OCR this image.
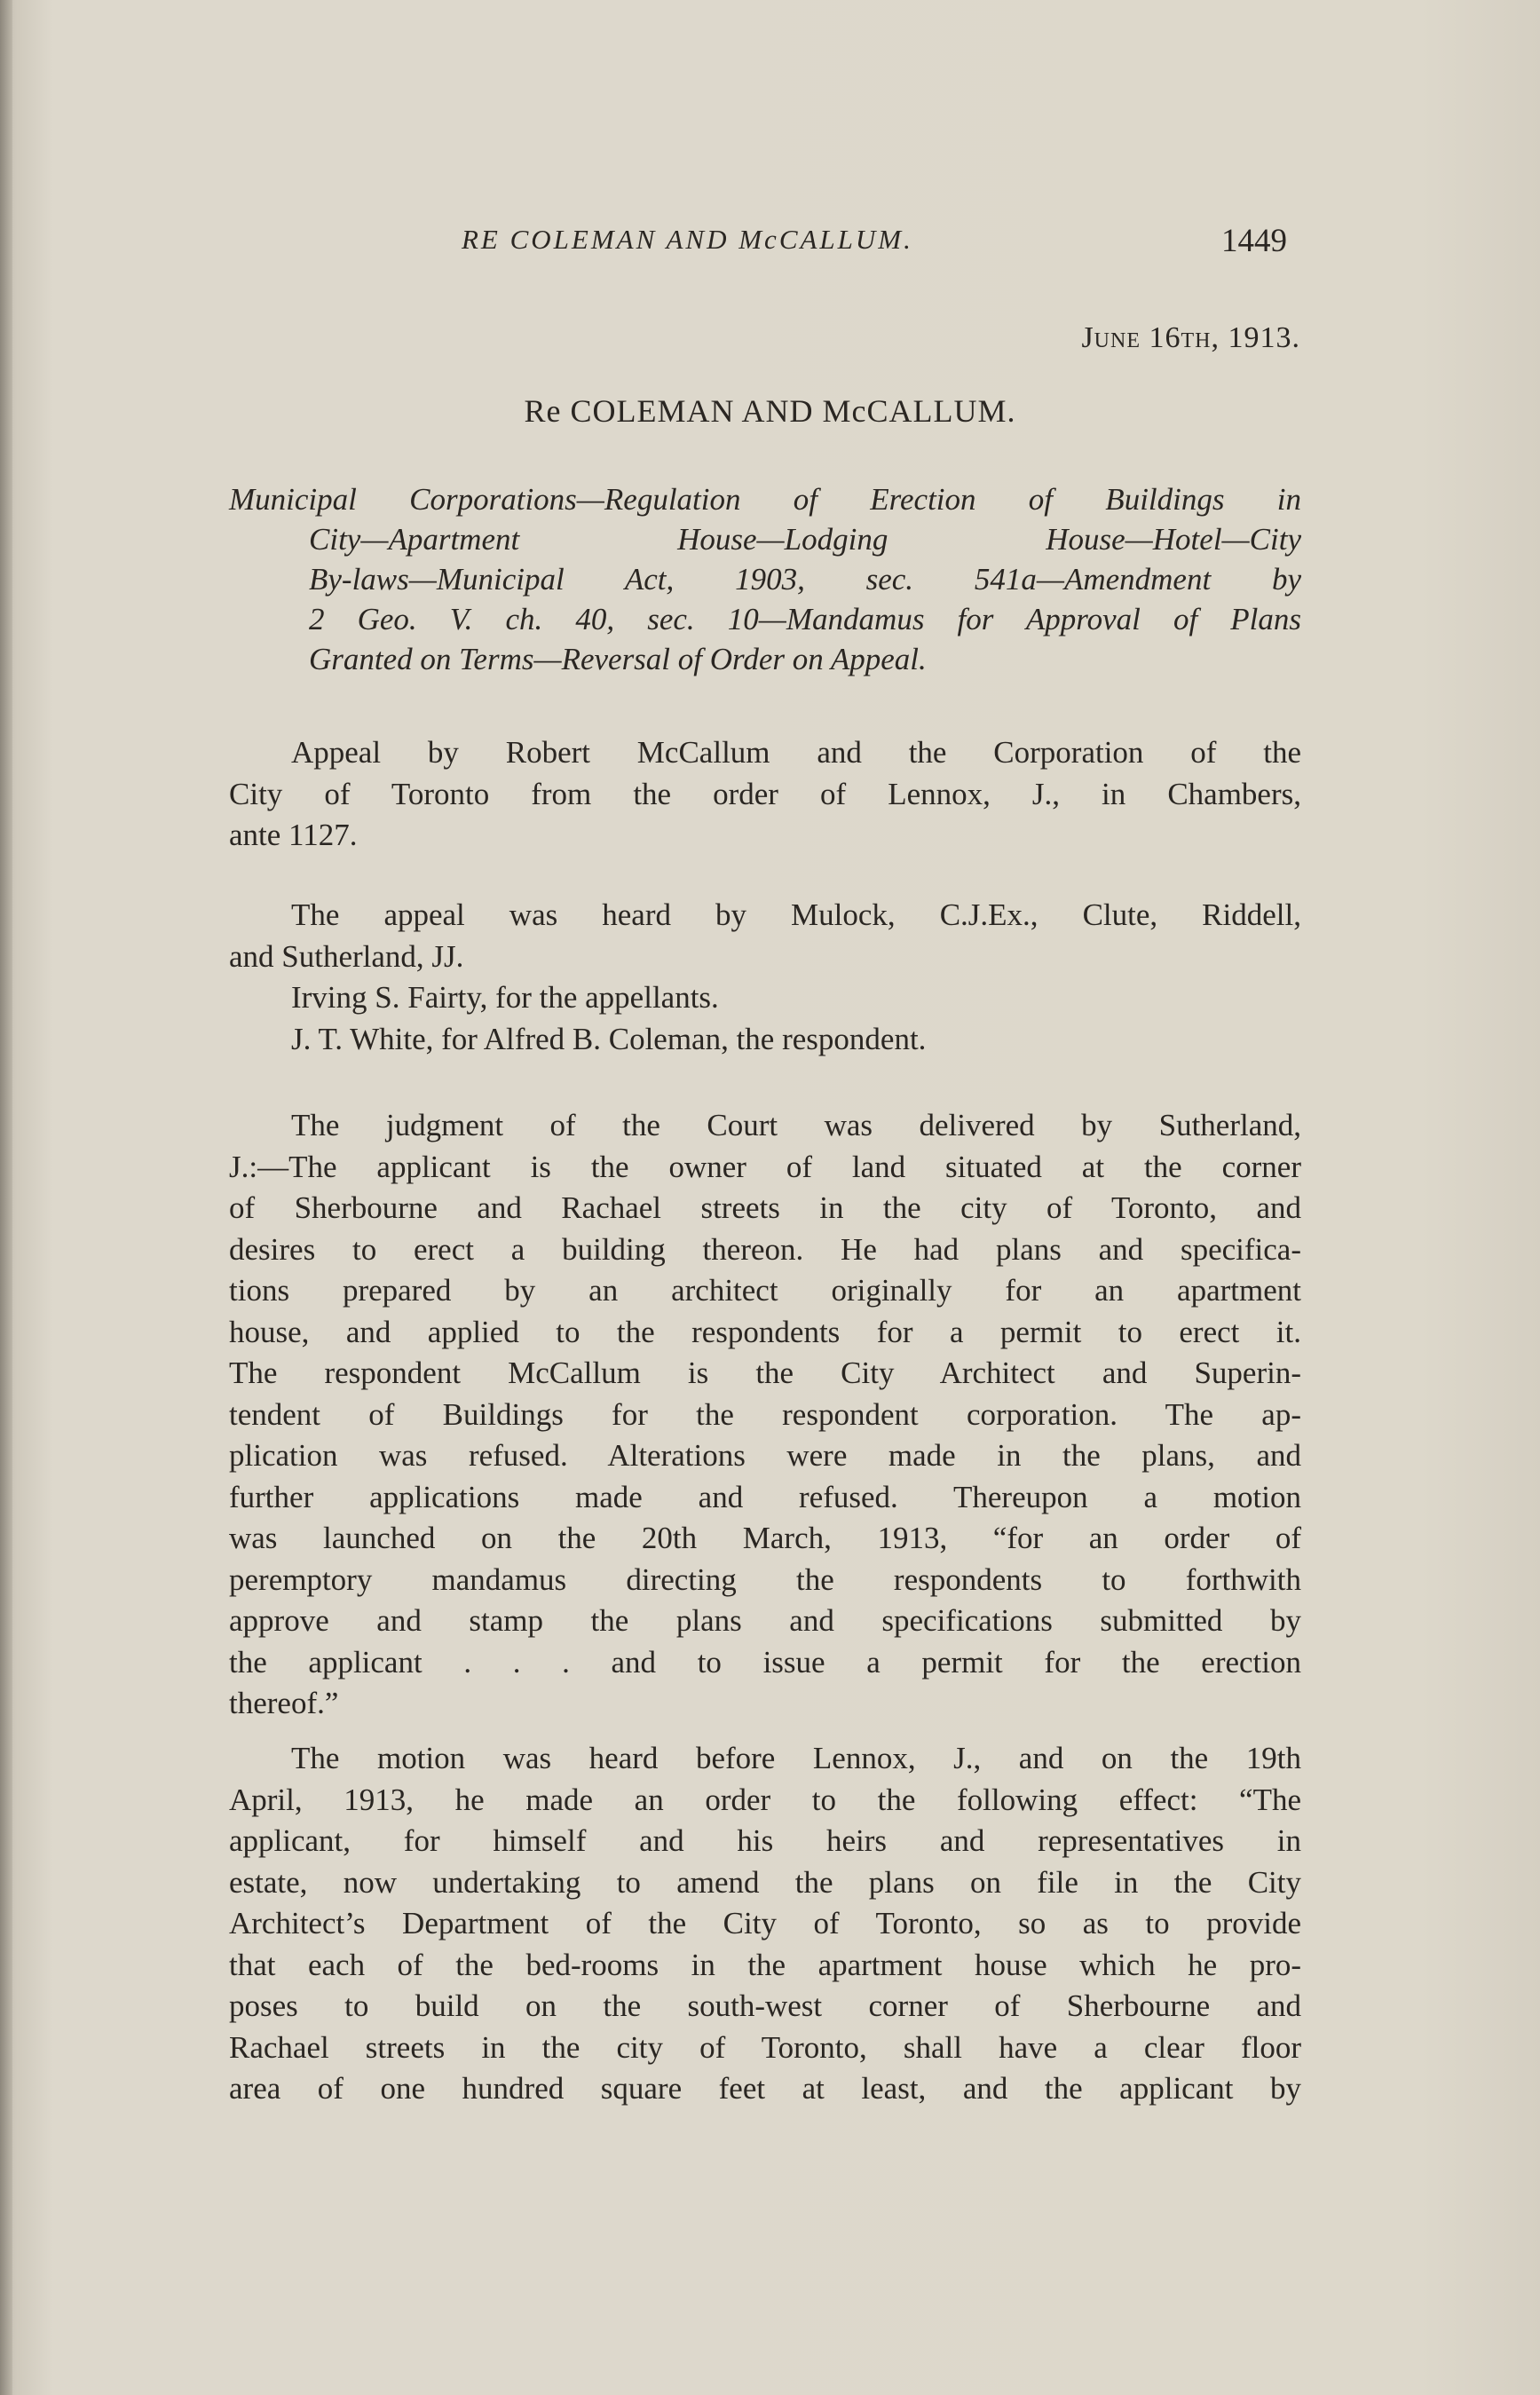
RE COLEMAN AND McCALLUM.	1449
June 16th, 1913.
Re COLEMAN AND McCALLUM.
Municipal Corporations—Regulation of Erection of Buildings in
City—Apartment House—Lodging House—Hotel—City
By-laws—Municipal Act, 1903, sec. 541a—Amendment by
2 Geo. V. ch. 40, sec. 10—Mandamus for Approval of Plans
Granted on Terms—Reversal of Order on Appeal.
Appeal by Robert McCallum and the Corporation of the
City of Toronto from the order of Lennox, J., in Chambers,
ante 1127.
The appeal was heard by Mulock, C.J.Ex., Clute, Riddell,
and Sutherland, JJ.
Irving S. Fairty, for the appellants.
J. T. White, for Alfred B. Coleman, the respondent.
The judgment of the Court was delivered by Sutherland,
J.:—The applicant is the owner of land situated at the corner
of Sherbourne and Rachael streets in the city of Toronto, and
desires to erect a building thereon. He had plans and specifica-
tions prepared by an architect originally for an apartment
house, and applied to the respondents for a permit to erect it.
The respondent McCallum is the City Architect and Superin-
tendent of Buildings for the respondent corporation. The ap-
plication was refused. Alterations were made in the plans, and
further applications made and refused. Thereupon a motion
was launched on the 20th March, 1913, “for an order of
peremptory mandamus directing the respondents to forthwith
approve and stamp the plans and specifications submitted by
the applicant . . . and to issue a permit for the erection
thereof.”
The motion was heard before Lennox, J., and on the 19th
April, 1913, he made an order to the following effect: “The
applicant, for himself and his heirs and representatives in
estate, now undertaking to amend the plans on file in the City
Architect’s Department of the City of Toronto, so as to provide
that each of the bed-rooms in the apartment house which he pro-
poses to build on the south-west corner of Sherbourne and
Rachael streets in the city of Toronto, shall have a clear floor
area of one hundred square feet at least, and the applicant by
